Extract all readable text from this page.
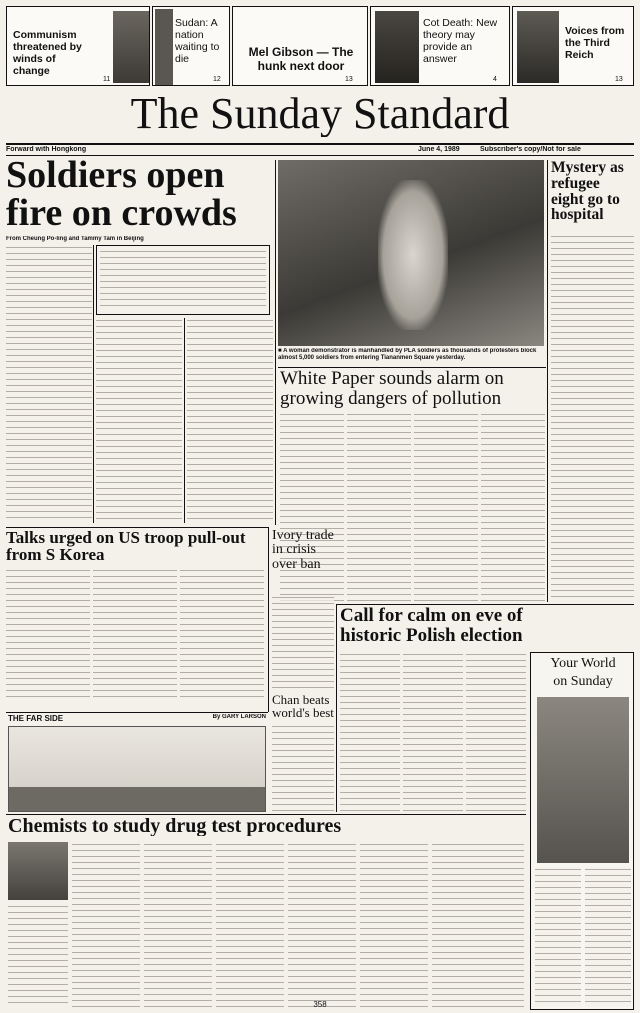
Communism threatened by winds of change
11
Sudan: A nation waiting to die
12
Mel Gibson — The hunk next door
13
Cot Death: New theory may provide an answer
4
Voices from the Third Reich
13
The Sunday Standard
Forward with Hongkong	June 4, 1989	Subscriber's copy/Not for sale
Soldiers open
fire on crowds
From Cheung Po-ling and Tammy Tam in Beijing
■ A woman demonstrator is manhandled by PLA soldiers as thousands of protesters block almost 5,000 soldiers from entering Tiananmen Square yesterday.
Mystery as refugee eight go to hospital
White Paper sounds alarm on
growing dangers of pollution
Talks urged on US troop pull-out from S Korea
Ivory trade in crisis over ban
Chan beats world's best
Call for calm on eve of
historic Polish election
Your World
on Sunday
THE FAR SIDE	By GARY LARSON
Chemists to study drug test procedures
358
